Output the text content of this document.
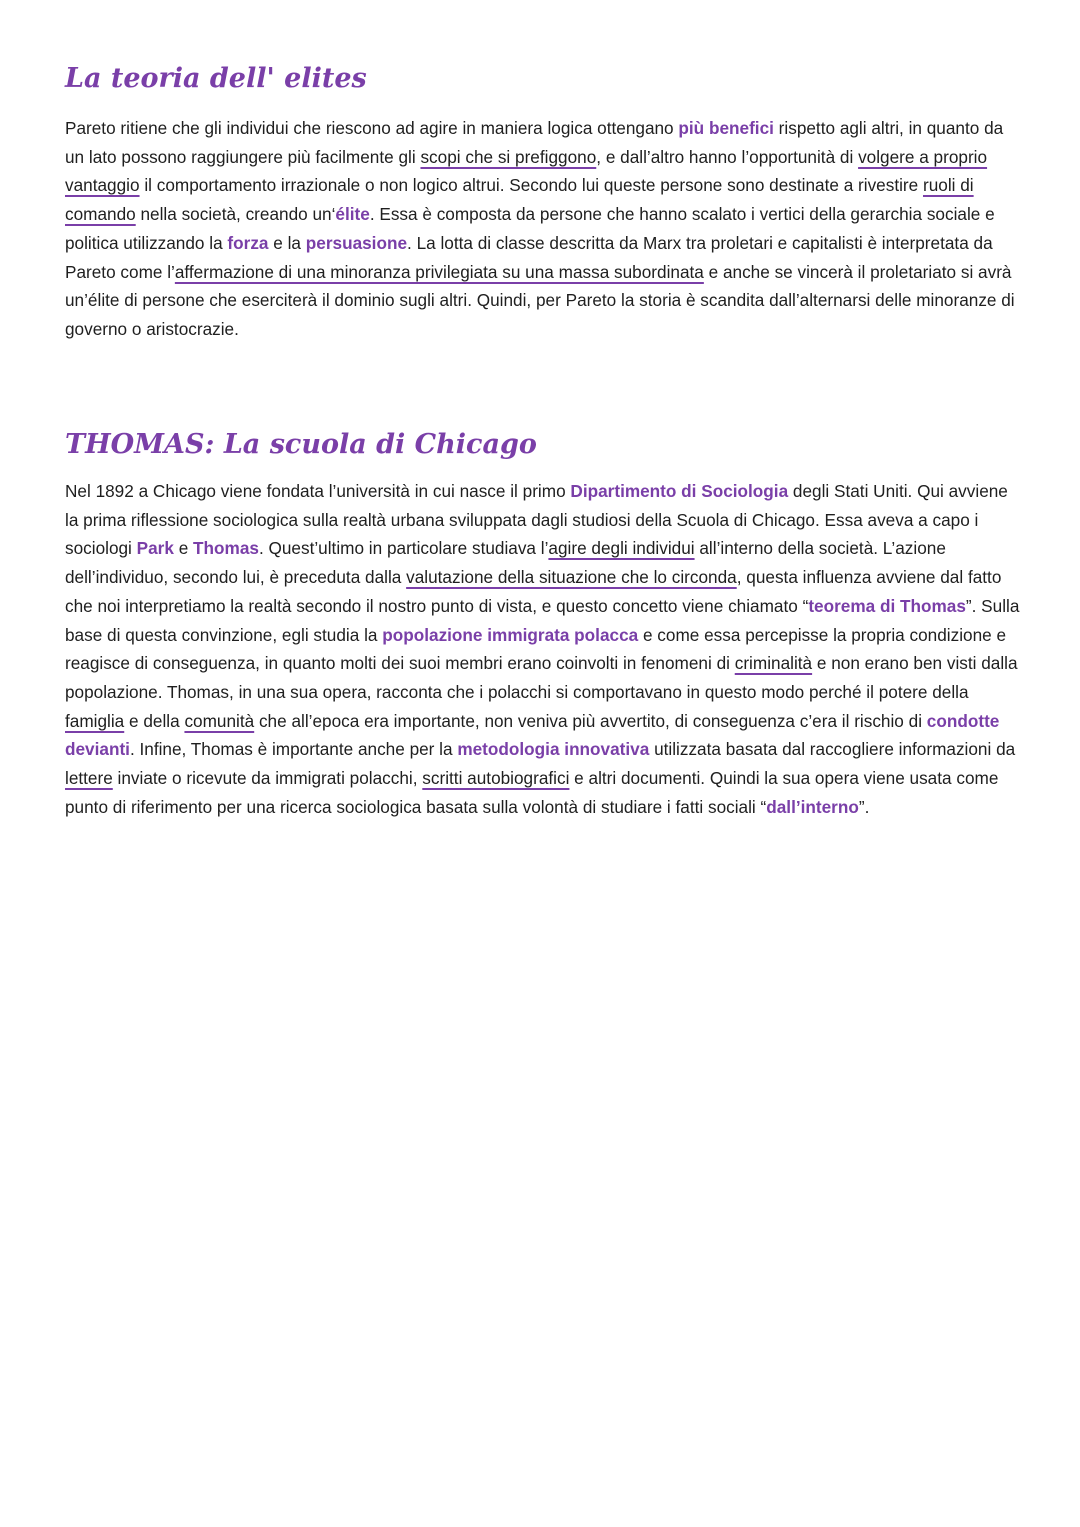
La teoria dell' elites

Pareto ritiene che gli individui che riescono ad agire in maniera logica ottengano più benefici rispetto agli altri, in quanto da un lato possono raggiungere più facilmente gli scopi che si prefiggono, e dall’altro hanno l’opportunità di volgere a proprio vantaggio il comportamento irrazionale o non logico altrui. Secondo lui queste persone sono destinate a rivestire ruoli di comando nella società, creando un‘élite. Essa è composta da persone che hanno scalato i vertici della gerarchia sociale e politica utilizzando la forza e la persuasione. La lotta di classe descritta da Marx tra proletari e capitalisti è interpretata da Pareto come l’affermazione di una minoranza privilegiata su una massa subordinata e anche se vincerà il proletariato si avrà un’élite di persone che eserciterà il dominio sugli altri. Quindi, per Pareto la storia è scandita dall’alternarsi delle minoranze di governo o aristocrazie.

THOMAS: La scuola di Chicago

Nel 1892 a Chicago viene fondata l’università in cui nasce il primo Dipartimento di Sociologia degli Stati Uniti. Qui avviene la prima riflessione sociologica sulla realtà urbana sviluppata dagli studiosi della Scuola di Chicago. Essa aveva a capo i sociologi Park e Thomas. Quest’ultimo in particolare studiava l’agire degli individui all’interno della società. L’azione dell’individuo, secondo lui, è preceduta dalla valutazione della situazione che lo circonda, questa influenza avviene dal fatto che noi interpretiamo la realtà secondo il nostro punto di vista, e questo concetto viene chiamato “teorema di Thomas”. Sulla base di questa convinzione, egli studia la popolazione immigrata polacca e come essa percepisse la propria condizione e reagisce di conseguenza, in quanto molti dei suoi membri erano coinvolti in fenomeni di criminalità e non erano ben visti dalla popolazione. Thomas, in una sua opera, racconta che i polacchi si comportavano in questo modo perché il potere della famiglia e della comunità che all’epoca era importante, non veniva più avvertito, di conseguenza c’era il rischio di condotte devianti. Infine, Thomas è importante anche per la metodologia innovativa utilizzata basata dal raccogliere informazioni da lettere inviate o ricevute da immigrati polacchi, scritti autobiografici e altri documenti. Quindi la sua opera viene usata come punto di riferimento per una ricerca sociologica basata sulla volontà di studiare i fatti sociali “dall’interno”.
